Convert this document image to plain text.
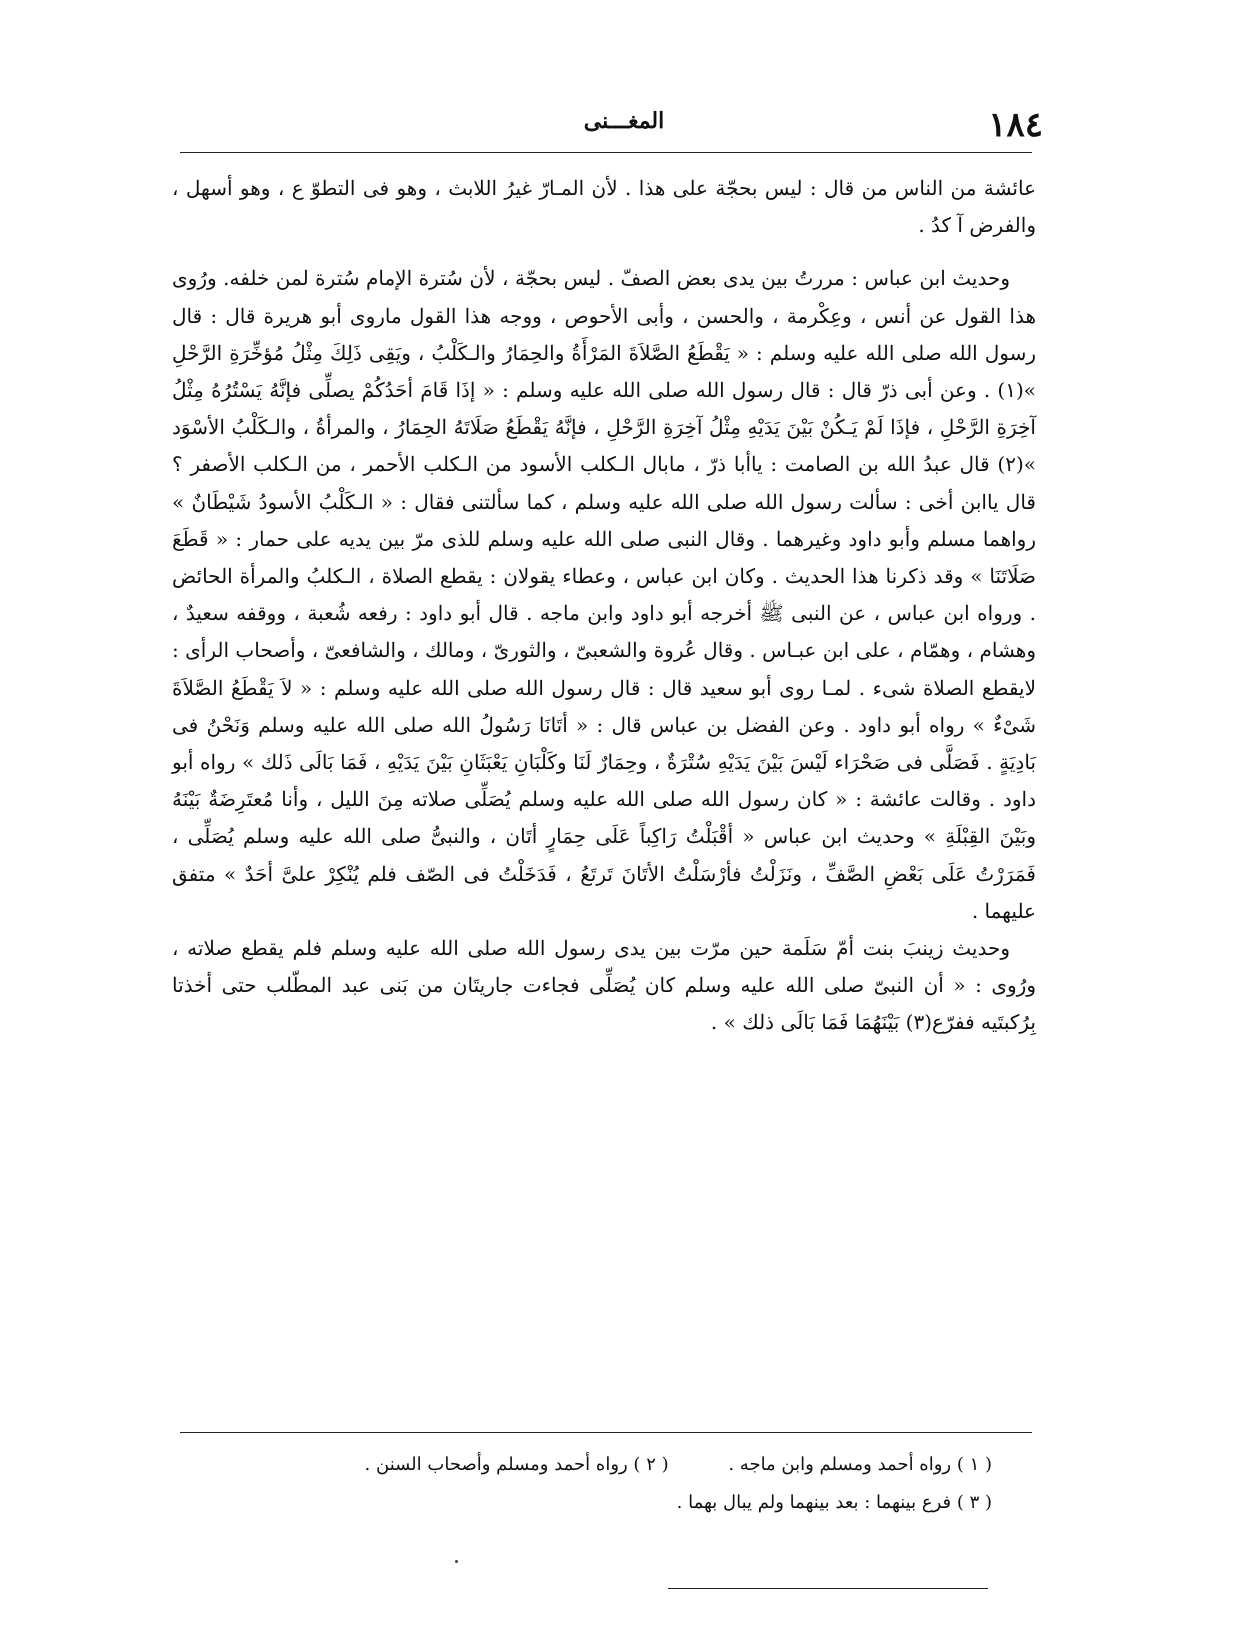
١٨٤
المغـــنى

عائشة من الناس من قال : ليس بحجّة على هذا . لأن المـارّ غيرُ اللابث ، وهو فى التطوّ ع ، وهو أسهل ، والفرض آ كدُ .

وحديث ابن عباس : مررتُ بين يدى بعض الصفّ . ليس بحجّة ، لأن سُترة الإمام سُترة لمن خلفه. ورُوى هذا القول عن أنس ، وعِكْرمة ، والحسن ، وأبى الأحوص ، ووجه هذا القول ماروى أبو هريرة قال : قال رسول الله صلى الله عليه وسلم : « يَقْطَعُ الصَّلاَةَ المَرْأَةُ والحِمَارُ والـكَلْبُ ، ويَقِى ذَلِكَ مِثْلُ مُؤخِّرَةِ الرَّحْلِ »(١) . وعن أبى ذرّ قال : قال رسول الله صلى الله عليه وسلم : « إذَا قَامَ أحَدُكُمْ يصلِّى فإنَّهُ يَسْتُرُهُ مِثْلُ آخِرَةِ الرَّحْلِ ، فإذَا لَمْ يَـكُنْ بَيْنَ يَدَيْهِ مِثْلُ آخِرَةِ الرَّحْلِ ، فإنَّهُ يَقْطَعُ صَلَاتَهُ الحِمَارُ ، والمرأةُ ، والـكَلْبُ الأسْوَد »(٢) قال عبدُ الله بن الصامت : ياأبا ذرّ ، مابال الـكلب الأسود من الـكلب الأحمر ، من الـكلب الأصفر ؟ قال ياابن أخى : سألت رسول الله صلى الله عليه وسلم ، كما سألتنى فقال : « الـكَلْبُ الأسودُ شَيْطَانٌ » رواهما مسلم وأبو داود وغيرهما . وقال النبى صلى الله عليه وسلم للذى مرّ بين يديه على حمار : « قَطَعَ صَلَاتَنَا » وقد ذكرنا هذا الحديث . وكان ابن عباس ، وعطاء يقولان : يقطع الصلاة ، الـكلبُ والمرأة الحائض . ورواه ابن عباس ، عن النبى ﷺ أخرجه أبو داود وابن ماجه . قال أبو داود : رفعه شُعبة ، ووقفه سعيدٌ ، وهشام ، وهمّام ، على ابن عبـاس . وقال عُروة والشعبىّ ، والثورىّ ، ومالك ، والشافعىّ ، وأصحاب الرأى : لايقطع الصلاة شىء . لمـا روى أبو سعيد قال : قال رسول الله صلى الله عليه وسلم : « لاَ يَقْطَعُ الصَّلاَةَ شَىْءٌ » رواه أبو داود . وعن الفضل بن عباس قال : « أتَانَا رَسُولُ الله صلى الله عليه وسلم وَنَحْنُ فى بَادِيَةٍ . فَصَلَّى فى صَحْرَاء لَيْسَ بَيْنَ يَدَيْهِ سُتْرَةٌ ، وحِمَارٌ لَنَا وكَلْبَانِ يَعْبَثَانِ بَيْنَ يَدَيْهِ ، فَمَا بَالَى ذَلك » رواه أبو داود . وقالت عائشة : « كان رسول الله صلى الله عليه وسلم يُصَلِّى صلاته مِنَ الليل ، وأنا مُعتَرِضَةٌ بَيْنَهُ وبَيْنَ القِبْلَةِ » وحديث ابن عباس « أقْبَلْتُ رَاكِباً عَلَى حِمَارٍ أتَان ، والنبىُّ صلى الله عليه وسلم يُصَلِّى ، فَمَرَرْتُ عَلَى بَعْضِ الصَّفِّ ، ونَزَلْتُ فأرْسَلْتُ الأتَانَ تَرتَعُ ، فَدَخَلْتُ فى الصّف فلم يُنْكِرْ علىَّ أحَدٌ » متفق عليهما .

وحديث زينبَ بنت أمّ سَلَمة حين مرّت بين يدى رسول الله صلى الله عليه وسلم فلم يقطع صلاته ، ورُوى : « أن النبىّ صلى الله عليه وسلم كان يُصَلِّى فجاءت جاريتَان من بَنى عبد المطّلب حتى أخذتا بِرُكبتَيه ففرّع(٣) بَيْنَهُمَا فَمَا بَالَى ذلك » .

( ١ ) رواه أحمد ومسلم وابن ماجه . ( ٢ ) رواه أحمد ومسلم وأصحاب السنن .
( ٣ ) فرع بينهما : بعد بينهما ولم يبال بهما .
